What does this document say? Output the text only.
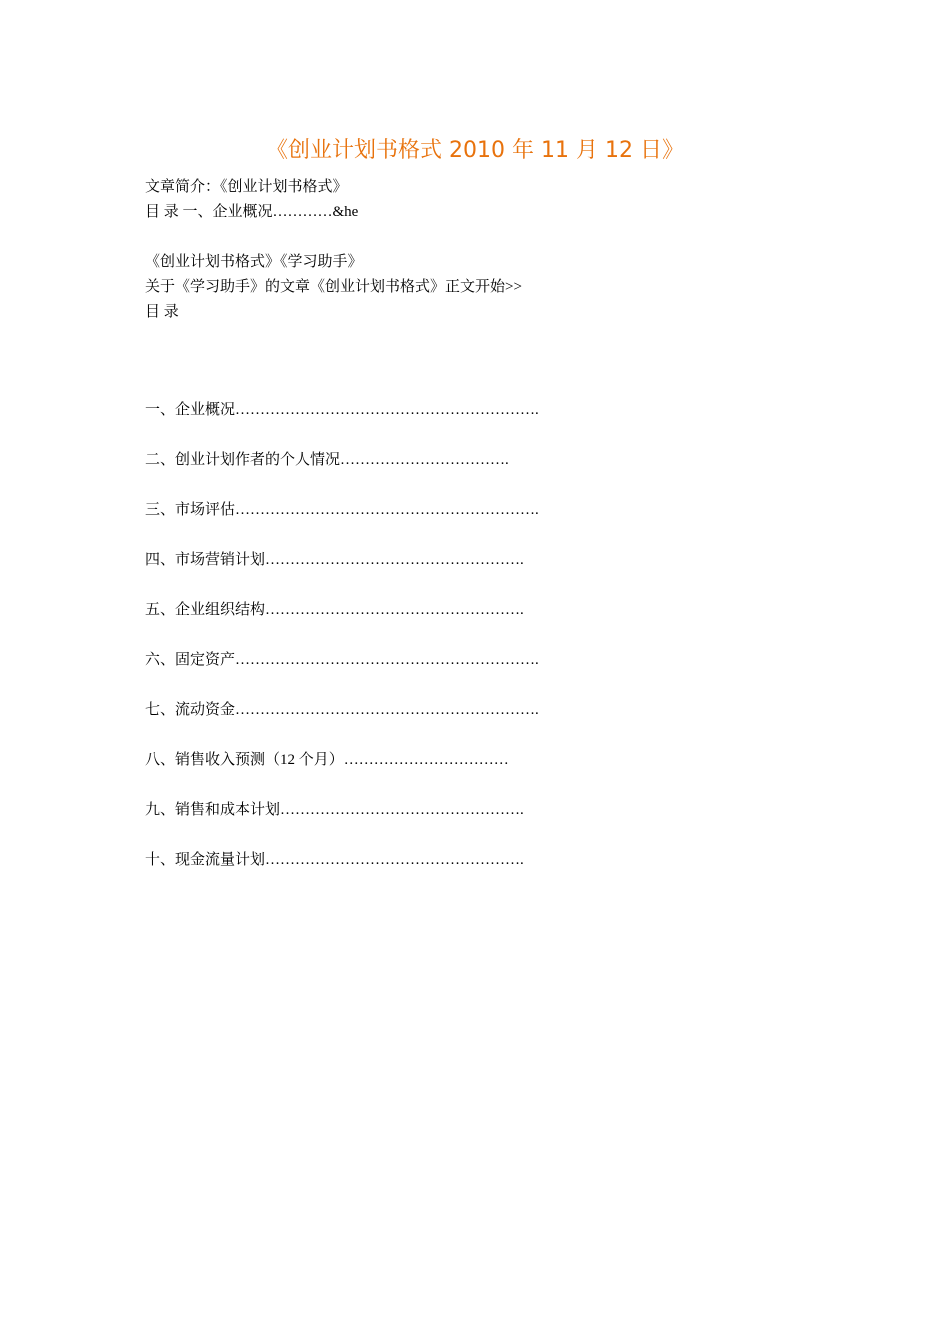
《创业计划书格式 2010 年 11 月 12 日》
文章简介：《创业计划书格式》
目 录 一、企业概况…………&he
《创业计划书格式》《学习助手》
关于《学习助手》的文章《创业计划书格式》正文开始>>
目 录
一、企业概况…………………………………………………….
二、创业计划作者的个人情况…………………………….
三、市场评估…………………………………………………….
四、市场营销计划…………………………………………….
五、企业组织结构…………………………………………….
六、固定资产…………………………………………………….
七、流动资金…………………………………………………….
八、销售收入预测（12 个月）……………………………
九、销售和成本计划………………………………………….
十、现金流量计划…………………………………………….
